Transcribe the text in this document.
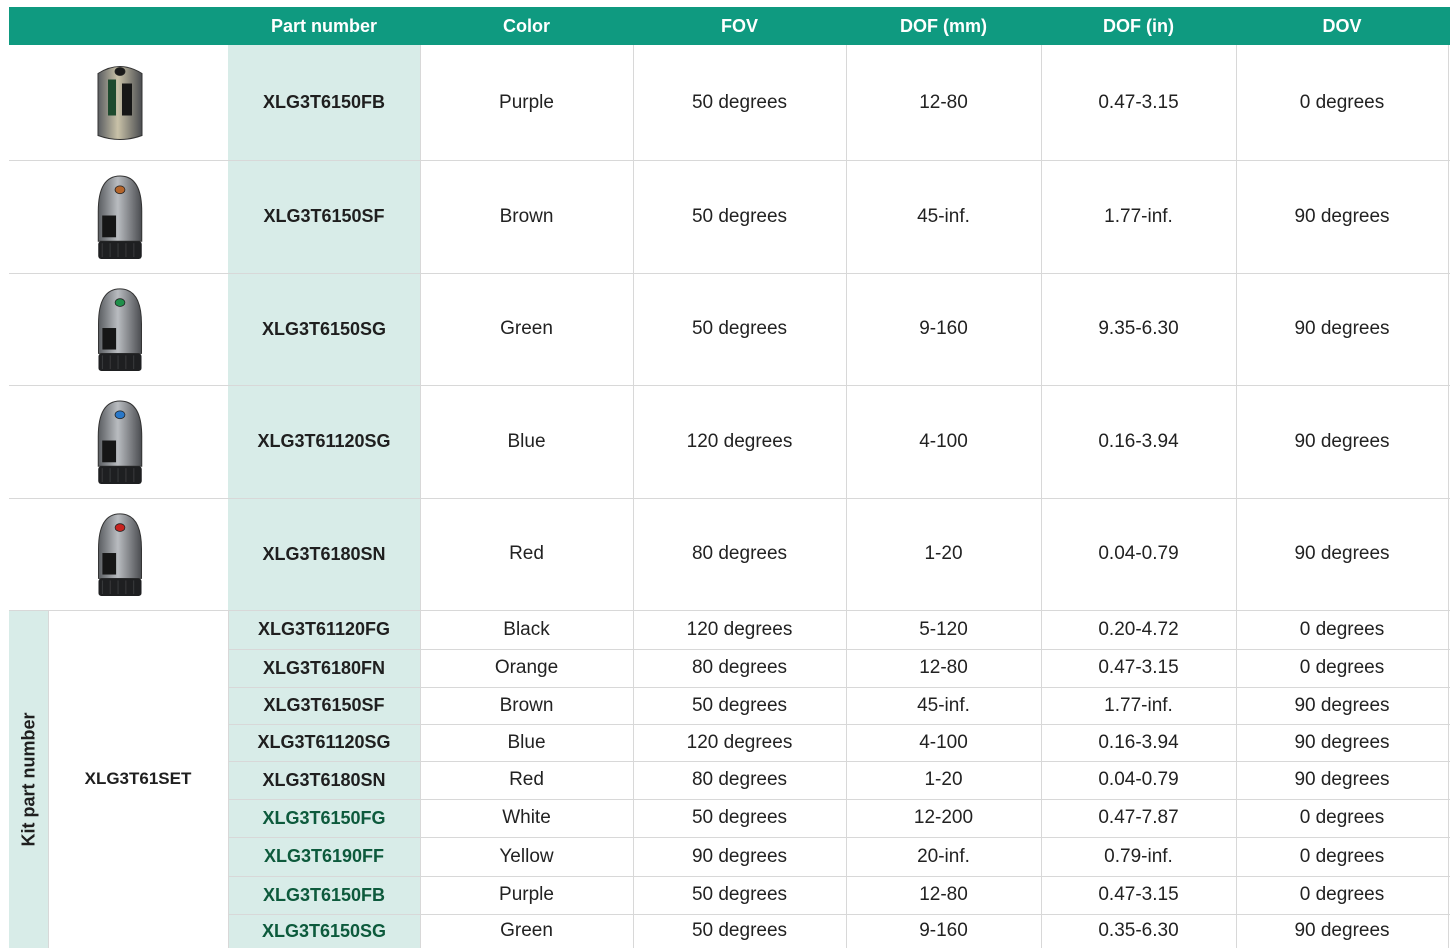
Part number	Color	FOV	DOF (mm)	DOF (in)	DOV
Kit part number	XLG3T61SET
XLG3T6150FB	Purple	50 degrees	12-80	0.47-3.15	0 degrees
XLG3T6150SF	Brown	50 degrees	45-inf.	1.77-inf.	90 degrees
XLG3T6150SG	Green	50 degrees	9-160	9.35-6.30	90 degrees
XLG3T61120SG	Blue	120 degrees	4-100	0.16-3.94	90 degrees
XLG3T6180SN	Red	80 degrees	1-20	0.04-0.79	90 degrees
XLG3T61120FG	Black	120 degrees	5-120	0.20-4.72	0 degrees
XLG3T6180FN	Orange	80 degrees	12-80	0.47-3.15	0 degrees
XLG3T6150SF	Brown	50 degrees	45-inf.	1.77-inf.	90 degrees
XLG3T61120SG	Blue	120 degrees	4-100	0.16-3.94	90 degrees
XLG3T6180SN	Red	80 degrees	1-20	0.04-0.79	90 degrees
XLG3T6150FG	White	50 degrees	12-200	0.47-7.87	0 degrees
XLG3T6190FF	Yellow	90 degrees	20-inf.	0.79-inf.	0 degrees
XLG3T6150FB	Purple	50 degrees	12-80	0.47-3.15	0 degrees
XLG3T6150SG	Green	50 degrees	9-160	0.35-6.30	90 degrees
